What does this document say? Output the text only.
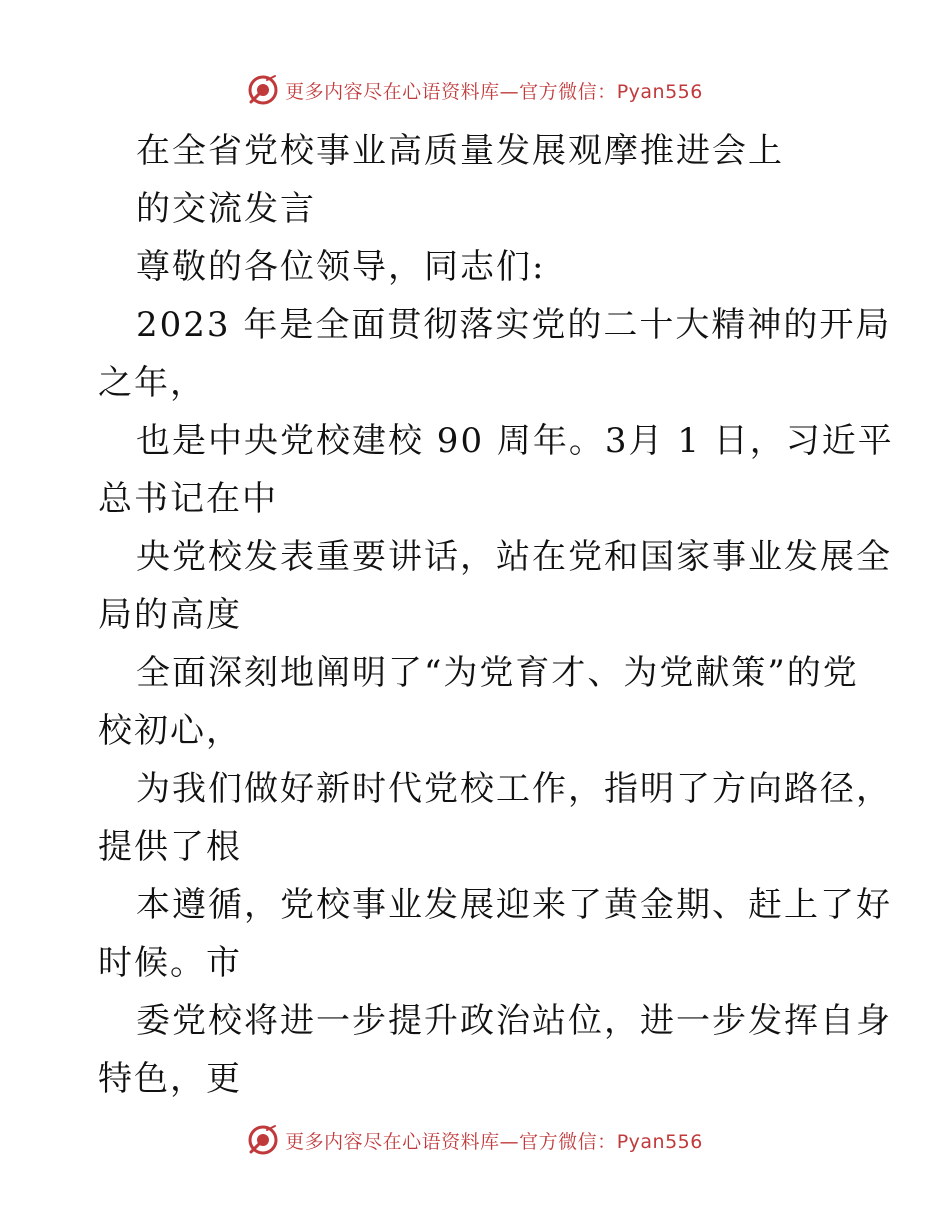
更多内容尽在心语资料库—官方微信：Pyan556
在全省党校事业高质量发展观摩推进会上
的交流发言
尊敬的各位领导，同志们:
2023 年是全面贯彻落实党的二十大精神的开局
之年，
也是中央党校建校 90 周年。3月 1 日，习近平
总书记在中
央党校发表重要讲话，站在党和国家事业发展全
局的高度
全面深刻地阐明了“为党育才、为党献策”的党
校初心，
为我们做好新时代党校工作，指明了方向路径，
提供了根
本遵循，党校事业发展迎来了黄金期、赶上了好
时候。市
委党校将进一步提升政治站位，进一步发挥自身
特色，更
更多内容尽在心语资料库—官方微信：Pyan556
